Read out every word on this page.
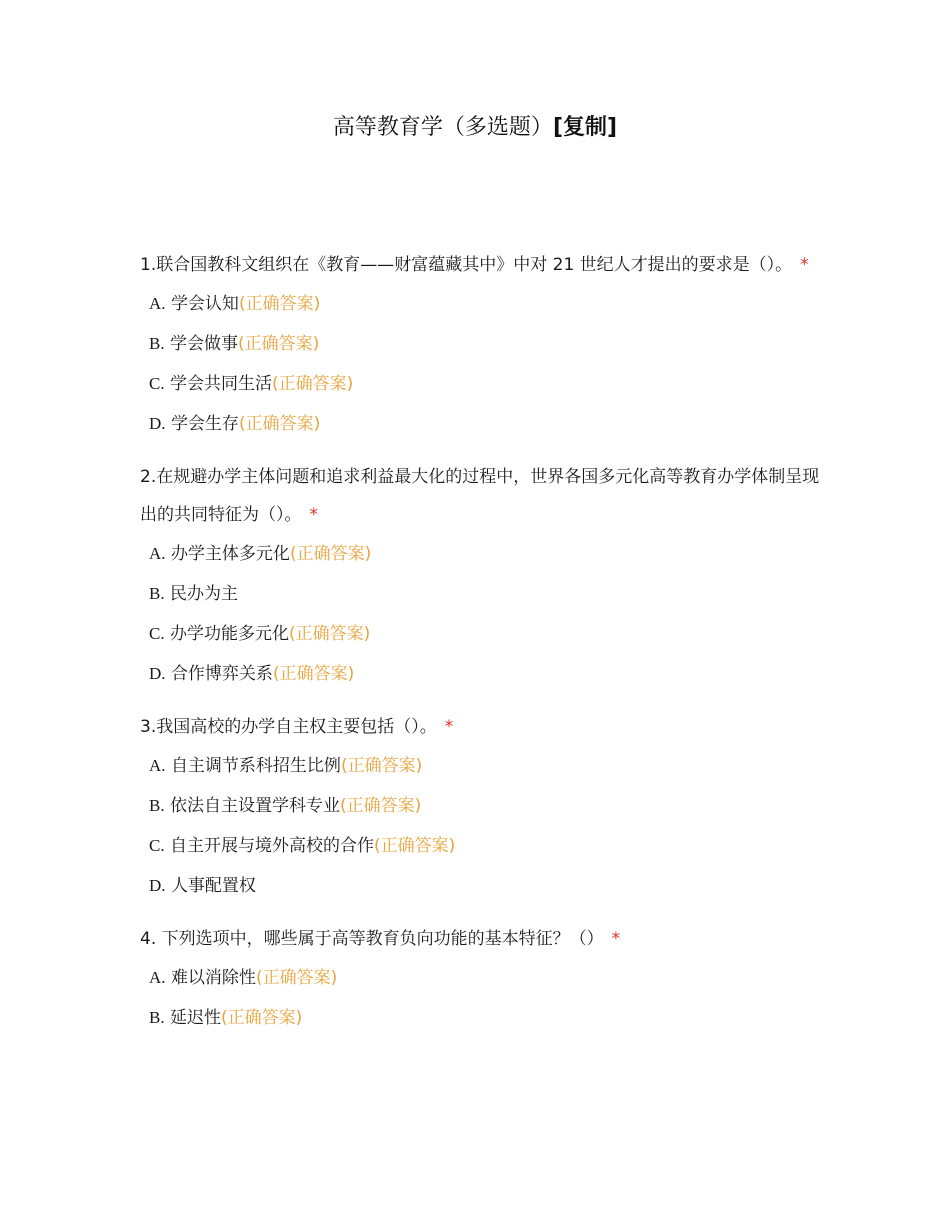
高等教育学（多选题）[复制]

1.联合国教科文组织在《教育——财富蕴藏其中》中对 21 世纪人才提出的要求是（）。 *

A. 学会认知(正确答案)
B. 学会做事(正确答案)
C. 学会共同生活(正确答案)
D. 学会生存(正确答案)

2.在规避办学主体问题和追求利益最大化的过程中，世界各国多元化高等教育办学体制呈现出的共同特征为（）。 *

A. 办学主体多元化(正确答案)
B. 民办为主
C. 办学功能多元化(正确答案)
D. 合作博弈关系(正确答案)

3.我国高校的办学自主权主要包括（）。 *

A. 自主调节系科招生比例(正确答案)
B. 依法自主设置学科专业(正确答案)
C. 自主开展与境外高校的合作(正确答案)
D. 人事配置权

4. 下列选项中，哪些属于高等教育负向功能的基本特征？（） *

A. 难以消除性(正确答案)
B. 延迟性(正确答案)
